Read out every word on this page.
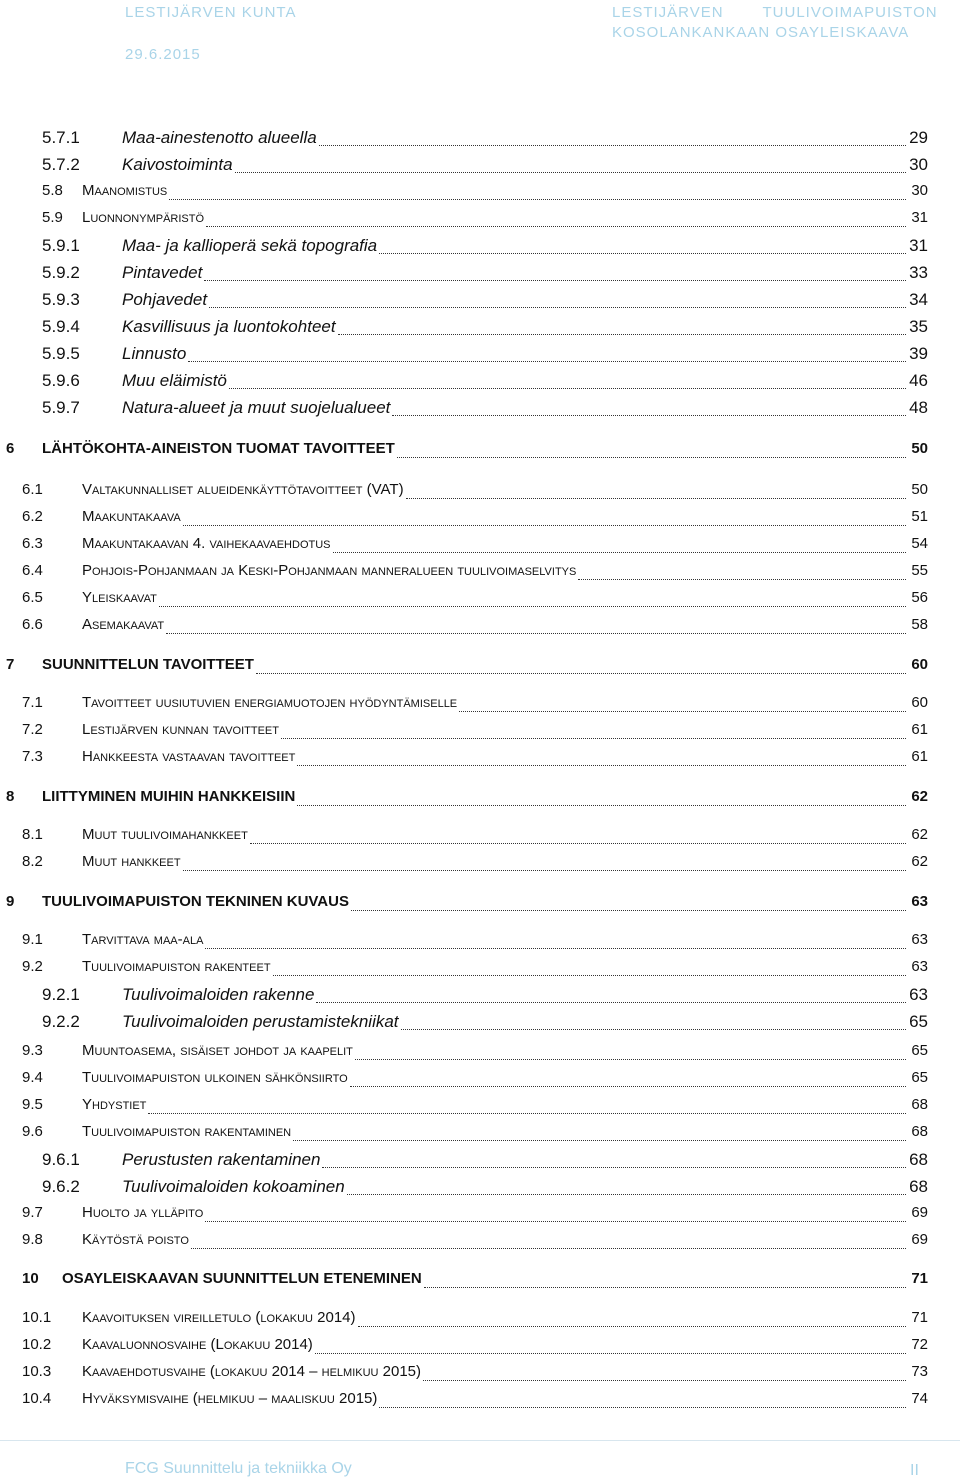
LESTIJÄRVEN KUNTA
29.6.2015
LESTIJÄRVEN TUULIVOIMAPUISTON
KOSOLANKANKAAN OSAYLEISKAAVA
5.7.1 Maa-ainestenotto alueella	29
5.7.2 Kaivostoiminta	30
5.8 Maanomistus	30
5.9 Luonnonympäristö	31
5.9.1 Maa- ja kallioperä sekä topografia	31
5.9.2 Pintavedet	33
5.9.3 Pohjavedet	34
5.9.4 Kasvillisuus ja luontokohteet	35
5.9.5 Linnusto	39
5.9.6 Muu eläimistö	46
5.9.7 Natura-alueet ja muut suojelualueet	48
6 LÄHTÖKOHTA-AINEISTON TUOMAT TAVOITTEET	50
6.1	Valtakunnalliset alueidenkäyttötavoitteet (VAT)	50
6.2	Maakuntakaava	51
6.3	Maakuntakaavan 4. vaihekaavaehdotus	54
6.4	Pohjois-Pohjanmaan ja Keski-Pohjanmaan manneralueen tuulivoimaselvitys	55
6.5	Yleiskaavat	56
6.6	Asemakaavat	58
7 SUUNNITTELUN TAVOITTEET	60
7.1	Tavoitteet uusiutuvien energiamuotojen hyödyntämiselle	60
7.2	Lestijärven kunnan tavoitteet	61
7.3	Hankkeesta vastaavan tavoitteet	61
8 LIITTYMINEN MUIHIN HANKKEISIIN	62
8.1	Muut tuulivoimahankkeet	62
8.2	Muut hankkeet	62
9 TUULIVOIMAPUISTON TEKNINEN KUVAUS	63
9.1	Tarvittava maa-ala	63
9.2	Tuulivoimapuiston rakenteet	63
9.2.1 Tuulivoimaloiden rakenne	63
9.2.2 Tuulivoimaloiden perustamistekniikat	65
9.3	Muuntoasema, sisäiset johdot ja kaapelit	65
9.4	Tuulivoimapuiston ulkoinen sähkönsiirto	65
9.5	Yhdystiet	68
9.6	Tuulivoimapuiston rakentaminen	68
9.6.1 Perustusten rakentaminen	68
9.6.2 Tuulivoimaloiden kokoaminen	68
9.7	Huolto ja ylläpito	69
9.8	Käytöstä poisto	69
10 OSAYLEISKAAVAN SUUNNITTELUN ETENEMINEN	71
10.1 Kaavoituksen vireilletulo (lokakuu 2014)	71
10.2 Kaavaluonnosvaihe (Lokakuu 2014)	72
10.3 Kaavaehdotusvaihe (lokakuu 2014 – helmikuu 2015)	73
10.4 Hyväksymisvaihe (helmikuu – maaliskuu 2015)	74
FCG Suunnittelu ja tekniikka Oy	II
